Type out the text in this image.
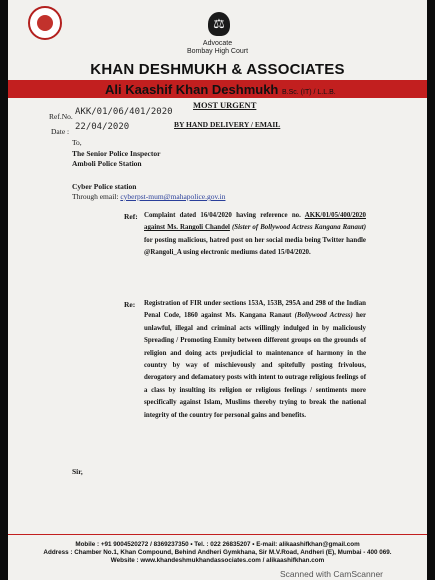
⚖
Advocate
Bombay High Court
KHAN DESHMUKH & ASSOCIATES
Ali Kaashif Khan Deshmukh B.Sc. (IT) / L.L.B.
MOST URGENT
Ref.No. AKK/01/06/401/2020
Date : 22/04/2020	BY HAND DELIVERY / EMAIL
To,
The Senior Police Inspector
Amboli Police Station
Cyber Police station
Through email: cyberpst-mum@mahapolice.gov.in
Ref: Complaint dated 16/04/2020 having reference no. AKK/01/05/400/2020 against Ms. Rangoli Chandel (Sister of Bollywood Actress Kangana Ranaut) for posting malicious, hatred post on her social media being Twitter handle @Rangoli_A using electronic mediums dated 15/04/2020.
Re: Registration of FIR under sections 153A, 153B, 295A and 298 of the Indian Penal Code, 1860 against Ms. Kangana Ranaut (Bollywood Actress) her unlawful, illegal and criminal acts willingly indulged in by maliciously Spreading / Promoting Enmity between different groups on the grounds of religion and doing acts prejudicial to maintenance of harmony in the country by way of mischievously and spitefully posting frivolous, derogatory and defamatory posts with intent to outrage religious feelings of a class by insulting its religion or religious feelings / sentiments more specifically against Islam, Muslims thereby trying to break the national integrity of the country for personal gains and benefits.
Sir,
Mobile : +91 9004520272 / 8369237350 • Tel. : 022 26835207 • E-mail: alikaashifkhan@gmail.com
Address : Chamber No.1, Khan Compound, Behind Andheri Gymkhana, Sir M.V.Road, Andheri (E), Mumbai - 400 069.
Website : www.khandeshmukhandassociates.com / alikaashifkhan.com
Scanned with CamScanner
